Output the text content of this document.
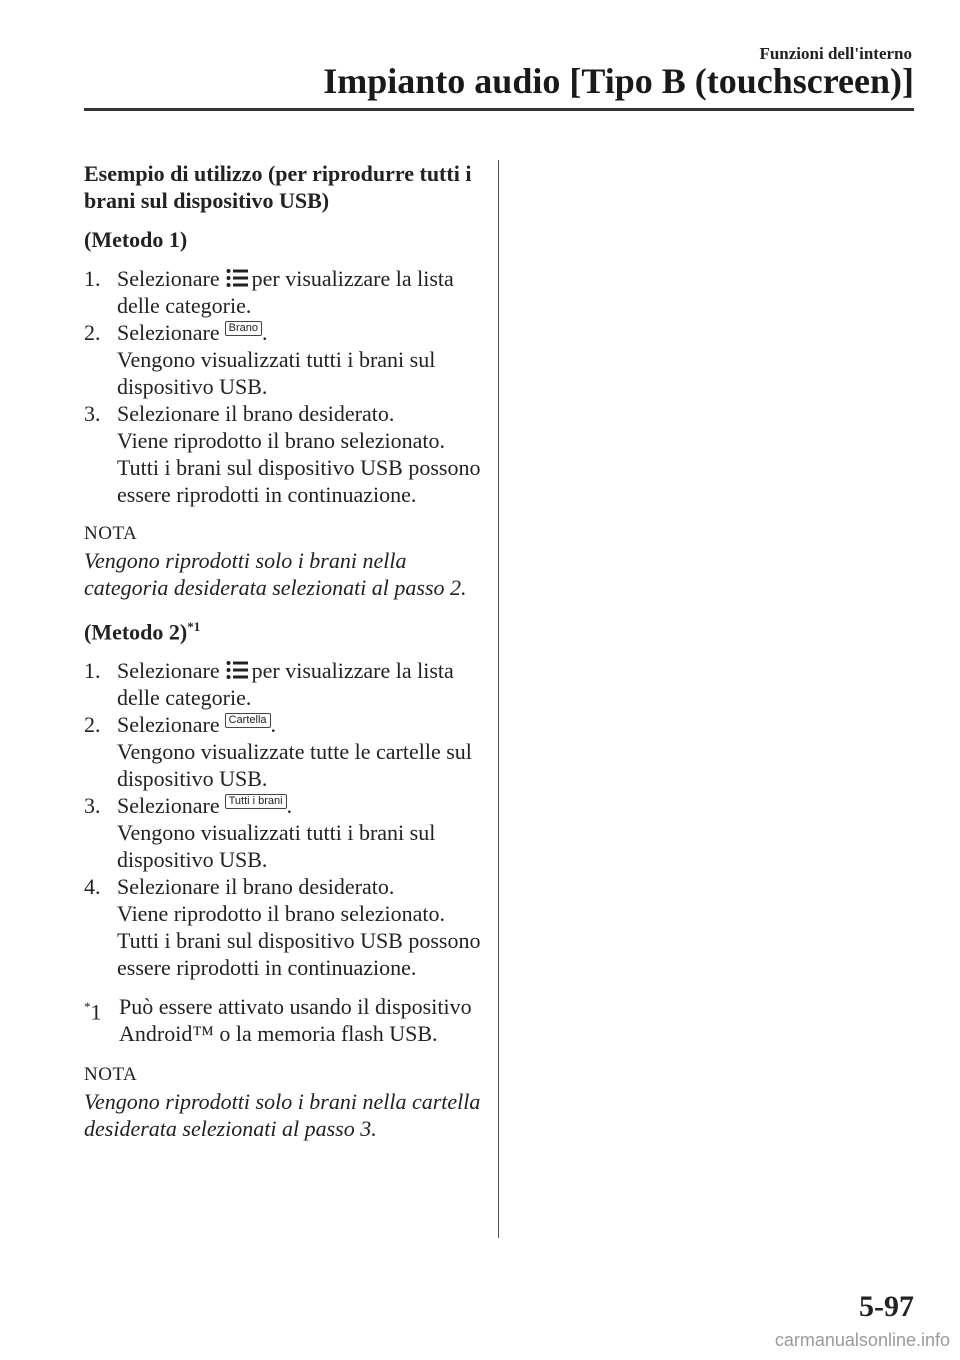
Funzioni dell'interno
Impianto audio [Tipo B (touchscreen)]

Esempio di utilizzo (per riprodurre tutti i brani sul dispositivo USB)

(Metodo 1)

1. Selezionare per visualizzare la lista delle categorie.
2. Selezionare Brano .
Vengono visualizzati tutti i brani sul dispositivo USB.
3. Selezionare il brano desiderato.
Viene riprodotto il brano selezionato. Tutti i brani sul dispositivo USB possono essere riprodotti in continuazione.

NOTA

Vengono riprodotti solo i brani nella categoria desiderata selezionati al passo 2.

(Metodo 2)$^{*1}$

1. Selezionare per visualizzare la lista delle categorie.
2. Selezionare Cartella .
Vengono visualizzate tutte le cartelle sul dispositivo USB.
3. Selezionare Tutti i brani .
Vengono visualizzati tutti i brani sul dispositivo USB.
4. Selezionare il brano desiderato.
Viene riprodotto il brano selezionato. Tutti i brani sul dispositivo USB possono essere riprodotti in continuazione.

*1 Può essere attivato usando il dispositivo Android™ o la memoria flash USB.

NOTA

Vengono riprodotti solo i brani nella cartella desiderata selezionati al passo 3.

5-97
carmanualsonline.info
